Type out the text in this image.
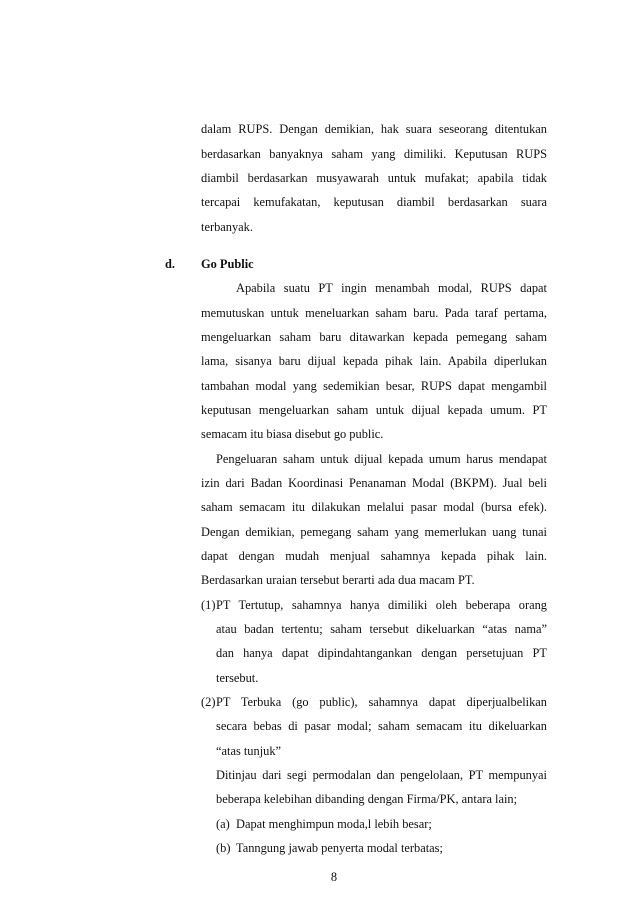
dalam RUPS. Dengan demikian, hak suara seseorang ditentukan
berdasarkan banyaknya saham yang dimiliki. Keputusan RUPS
diambil berdasarkan musyawarah untuk mufakat; apabila tidak
tercapai kemufakatan, keputusan diambil berdasarkan suara
terbanyak.
d. Go Public
Apabila suatu PT ingin menambah modal, RUPS dapat
memutuskan untuk meneluarkan saham baru. Pada taraf pertama,
mengeluarkan saham baru ditawarkan kepada pemegang saham
lama, sisanya baru dijual kepada pihak lain. Apabila diperlukan
tambahan modal yang sedemikian besar, RUPS dapat mengambil
keputusan mengeluarkan saham untuk dijual kepada umum. PT
semacam itu biasa disebut go public.
Pengeluaran saham untuk dijual kepada umum harus mendapat
izin dari Badan Koordinasi Penanaman Modal (BKPM). Jual beli
saham semacam itu dilakukan melalui pasar modal (bursa efek).
Dengan demikian, pemegang saham yang memerlukan uang tunai
dapat dengan mudah menjual sahamnya kepada pihak lain.
Berdasarkan uraian tersebut berarti ada dua macam PT.
(1) PT Tertutup, sahamnya hanya dimiliki oleh beberapa orang
atau badan tertentu; saham tersebut dikeluarkan “atas nama”
dan hanya dapat dipindahtangankan dengan persetujuan PT
tersebut.
(2) PT Terbuka (go public), sahamnya dapat diperjualbelikan
secara bebas di pasar modal; saham semacam itu dikeluarkan
“atas tunjuk”
Ditinjau dari segi permodalan dan pengelolaan, PT mempunyai
beberapa kelebihan dibanding dengan Firma/PK, antara lain;
(a) Dapat menghimpun moda,l lebih besar;
(b) Tanngung jawab penyerta modal terbatas;
8
